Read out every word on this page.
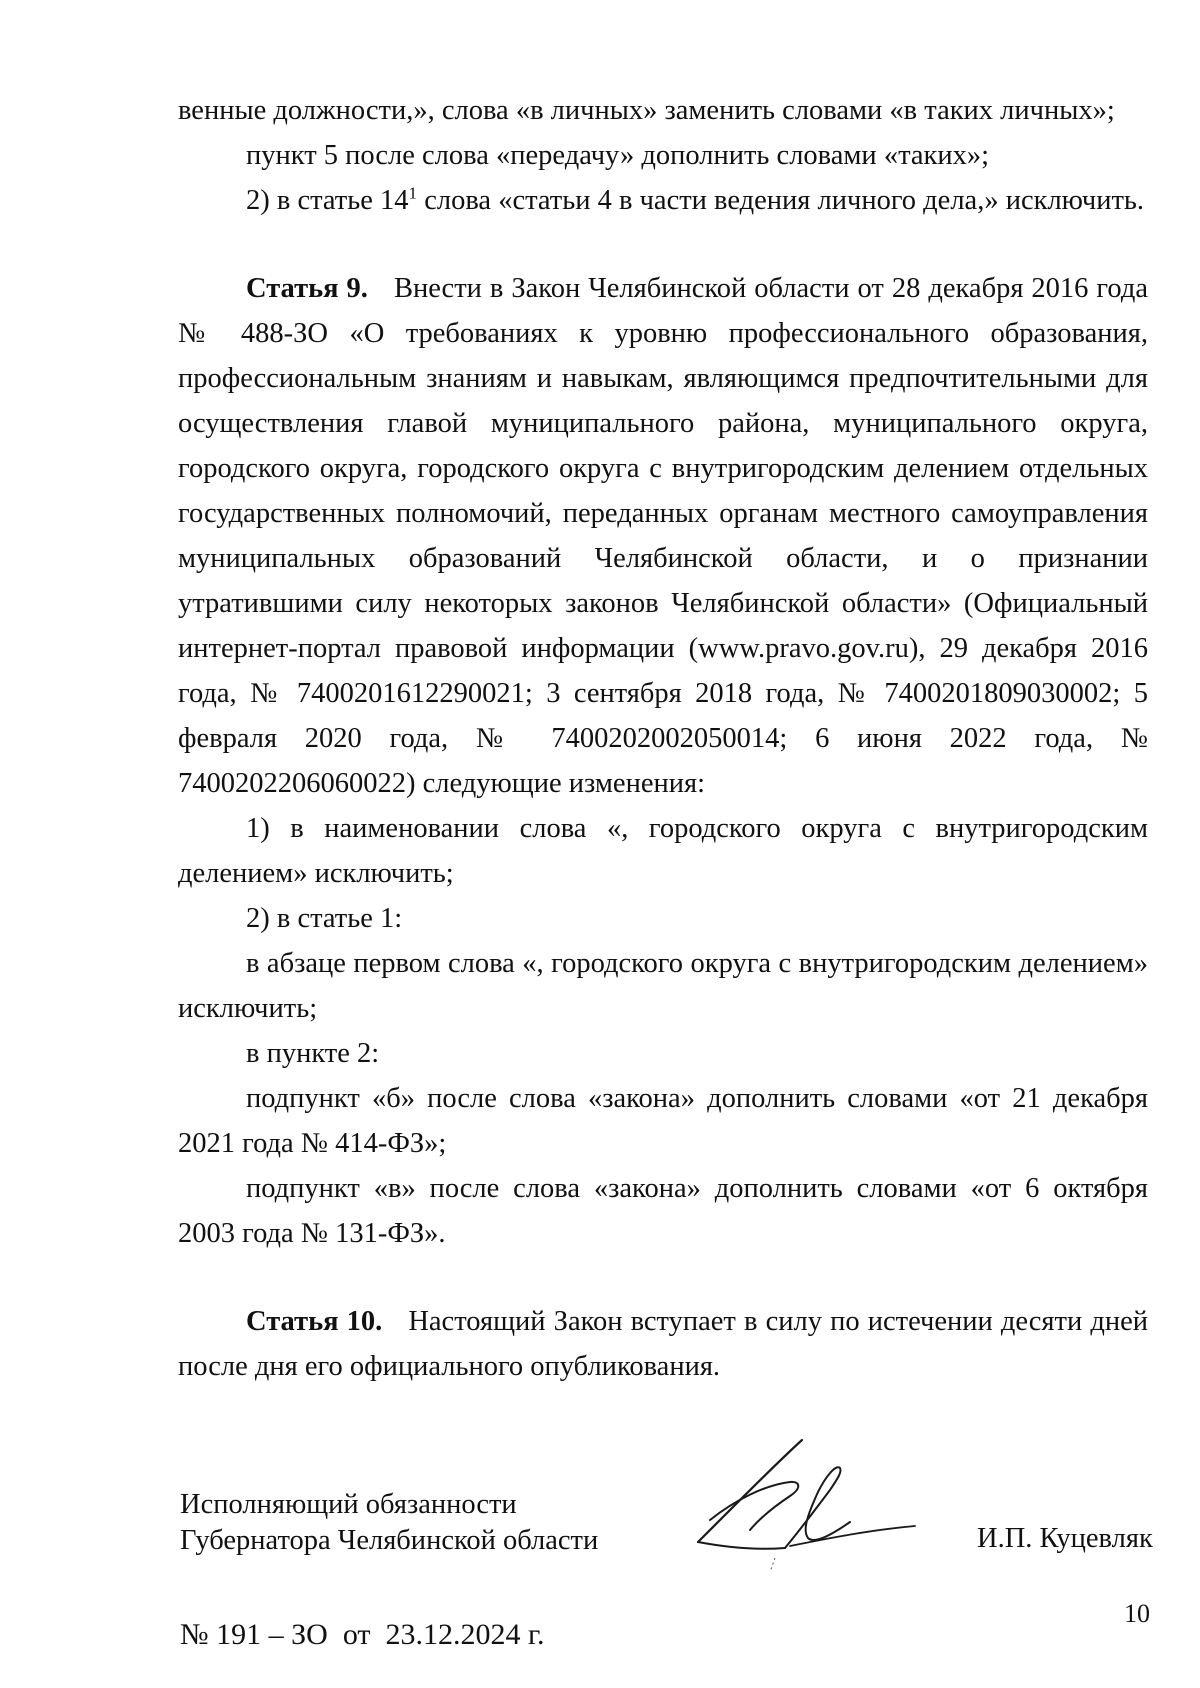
венные должности,», слова «в личных» заменить словами «в таких личных»;

пункт 5 после слова «передачу» дополнить словами «таких»;

2) в статье $14^1$ слова «статьи 4 в части ведения личного дела,» исключить.

Статья 9. Внести в Закон Челябинской области от 28 декабря 2016 года № 488-ЗО «О требованиях к уровню профессионального образования, профессиональным знаниям и навыкам, являющимся предпочтительными для осуществления главой муниципального района, муниципального округа, городского округа, городского округа с внутригородским делением отдельных государственных полномочий, переданных органам местного самоуправления муниципальных образований Челябинской области, и о признании утратившими силу некоторых законов Челябинской области» (Официальный интернет-портал правовой информации (www.pravo.gov.ru), 29 декабря 2016 года, № 7400201612290021; 3 сентября 2018 года, № 7400201809030002; 5 февраля 2020 года, № 7400202002050014; 6 июня 2022 года, № 7400202206060022) следующие изменения:

1) в наименовании слова «, городского округа с внутригородским делением» исключить;

2) в статье 1:

в абзаце первом слова «, городского округа с внутригородским делением» исключить;

в пункте 2:

подпункт «б» после слова «закона» дополнить словами «от 21 декабря 2021 года № 414-ФЗ»;

подпункт «в» после слова «закона» дополнить словами «от 6 октября 2003 года № 131-ФЗ».

Статья 10. Настоящий Закон вступает в силу по истечении десяти дней после дня его официального опубликования.

Исполняющий обязанности
Губернатора Челябинской области	И.П. Куцевляк
№ 191 – ЗО  от  23.12.2024 г.
10
